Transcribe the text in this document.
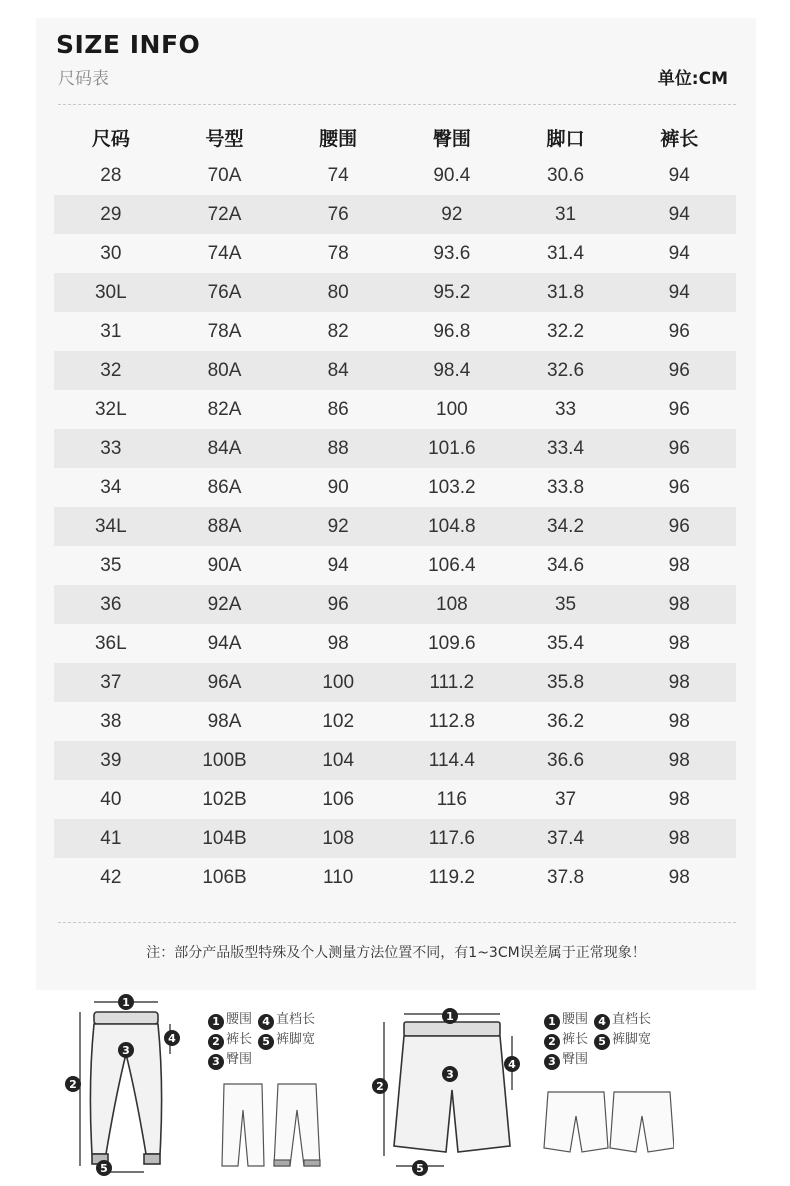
SIZE INFO
尺码表	单位:CM
尺码	号型	腰围	臀围	脚口	裤长
28	70A	74	90.4	30.6	94
29	72A	76	92	31	94
30	74A	78	93.6	31.4	94
30L	76A	80	95.2	31.8	94
31	78A	82	96.8	32.2	96
32	80A	84	98.4	32.6	96
32L	82A	86	100	33	96
33	84A	88	101.6	33.4	96
34	86A	90	103.2	33.8	96
34L	88A	92	104.8	34.2	96
35	90A	94	106.4	34.6	98
36	92A	96	108	35	98
36L	94A	98	109.6	35.4	98
37	96A	100	111.2	35.8	98
38	98A	102	112.8	36.2	98
39	100B	104	114.4	36.6	98
40	102B	106	116	37	98
41	104B	108	117.6	37.4	98
42	106B	110	119.2	37.8	98
注：部分产品版型特殊及个人测量方法位置不同，有1~3CM误差属于正常现象！
1
2
3
4
5
1 腰围 4 直档长
2 裤长 5 裤脚宽
3 臀围
1
2
3
4
5
1 腰围 4 直档长
2 裤长 5 裤脚宽
3 臀围
